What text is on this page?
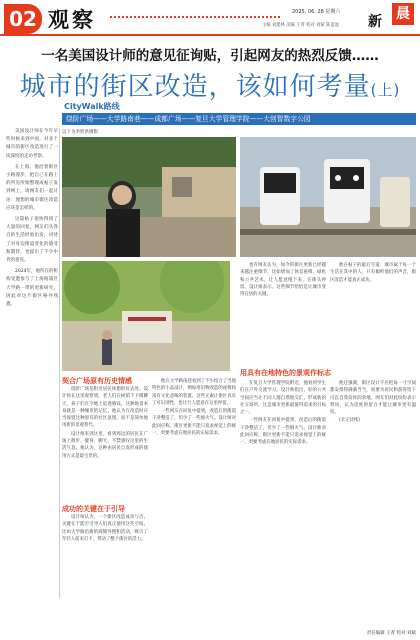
02 观察	2025. 06. 28 星期六
主编 刘建林 美编 王菁 校对 刘斌 陈盈盈 新 晨
一名美国设计师的意见征询贴，引起网友的热烈反馈……
城市的街区改造，该如何考量(上)
CityWalk路线
绕阶广场——大学路南巷——成都广场——复旦大学管理学院——大创智数字公园
以下为李胜洪摄影

美国设计师在今年早些时候来到中国，对多个城市的街区改造进行了一次深度的走访考察。

在上海，他沿着街区小路漫步，把自己在路上的所见所闻整理成帖子发到网上，请网友们一起讨论：理想的城市街区改造应该是怎样的。

这篇帖子很快得到了大量的回复，网友们从各自的生活经验出发，讲述了对身边街道变化的感受和期待，也提出了不少中肯的意见。

2024年，他所在的机构受邀参与了上海杨浦区大学路一带的更新研究，因此对这片街区格外熟悉。

契合广场原有历史情感

绕阶广场是附近居民休憩的好去处。设计师在这里观察到，老人们在树荫下下棋聊天，孩子们在空地上追逐嬉戏，这种场景本身就是一种城市的记忆。他认为在改造时应当保留这种原有的社区氛围，而不是简单地用新的景观替代。

设计师来到这里，看到周边的居民在广场上散步、健身、聊天，不禁感叹这里的生活气息。他认为，这种由居民自发形成的使用方式是最宝贵的。

成功的关键在于引导

设计师认为，一个街区改造成功与否，关键在于能否引导人们真正使用这些空间。比如大学路沿街的商铺外摆和活动，吸引了年轻人前来打卡，带动了整个街区的活力。

他在大学路南巷看到了不少结合了当地特色的小品设计，例如用旧物改造的座椅和富有文化意味的装置。这些元素让街区具有了可识别性，也让行人愿意在这里停留。

一些网友在回复中提到，改造后的街道干净整洁了，但少了一些烟火气。设计师对此回应称，街区更新不能只追求视觉上的统一，更要考虑在地居民的实际需求。

也有网友认为，如今的街区更新已经越来越注重细节，比如增加了休息座椅、绿化和公共艺术，让人愿意慢下来，在街头停留。设计师表示，这些细节恰恰是让城市变得宜居的关键。

他在帖子的最后写道：城市属于每一个生活在其中的人，只有倾听他们的声音，街区改造才能真正成功。

用具有在地特色的景观作标志

在复旦大学管理学院附近，他看到学生们在户外交流学习。设计师指出，好的公共空间应当让不同人群自然地交汇，形成新的社交场所，这是城市更新最值得追求的目标之一。

一些网友在回复中提到，改造后的街道干净整洁了，但少了一些烟火气。设计师对此回应称，街区更新不能只追求视觉上的统一，更要考虑在地居民的实际需求。

他还强调，街区设计不应把每一寸空间都安排得满满当当，而要为居民和游客留下可以自我发挥的余地。网友们对此纷纷表示赞同，认为适度的留白才能让城市更有温度。

(未完待续)

责任编辑 王菁 校对 刘斌
